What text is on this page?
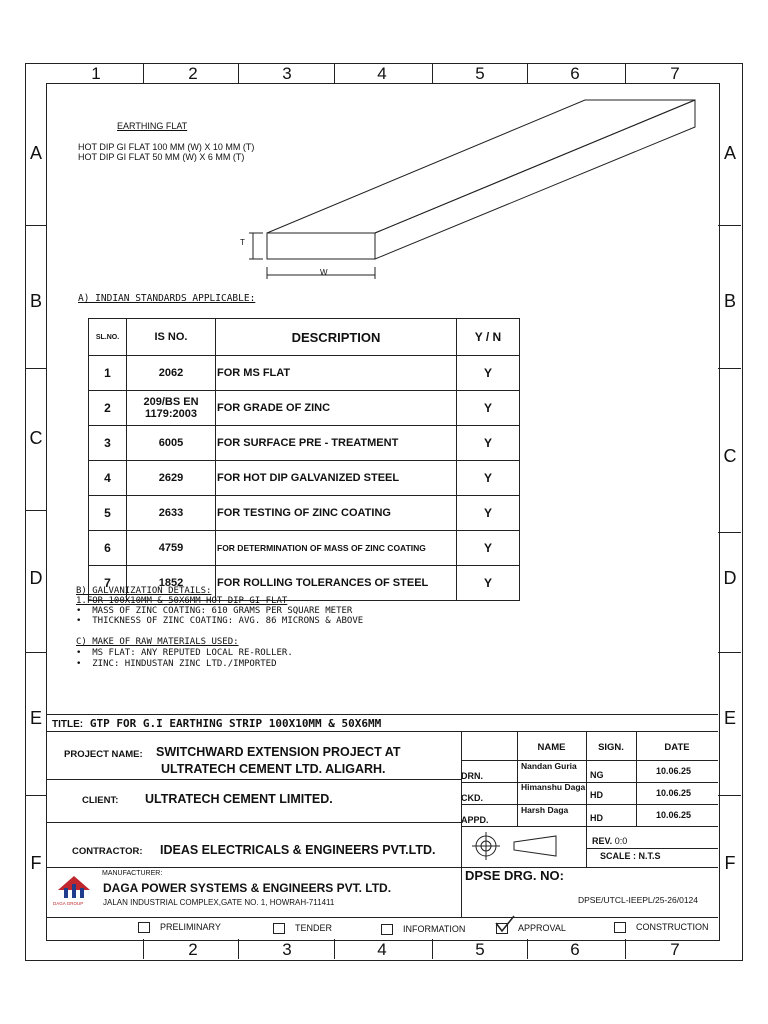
1	2	3	4	5	6	7
2	3	4	5	6	7
A
B
C
D
E
F
A
B
C
D
E
F
EARTHING FLAT
HOT DIP GI FLAT 100 MM (W) X 10 MM (T)
HOT DIP GI FLAT 50 MM (W) X 6 MM (T)
T
W
A) INDIAN STANDARDS APPLICABLE:
SL.NO.	IS NO.	DESCRIPTION	Y / N
1	2062	FOR MS FLAT	Y
2	209/BS EN 1179:2003	FOR GRADE OF ZINC	Y
3	6005	FOR SURFACE PRE - TREATMENT	Y
4	2629	FOR HOT DIP GALVANIZED STEEL	Y
5	2633	FOR TESTING OF ZINC COATING	Y
6	4759	FOR DETERMINATION OF MASS OF ZINC COATING	Y
7	1852	FOR ROLLING TOLERANCES OF STEEL	Y
B) GALVANIZATION DETAILS:
1.FOR 100X10MM & 50X6MM HOT DIP GI FLAT
•  MASS OF ZINC COATING: 610 GRAMS PER SQUARE METER
•  THICKNESS OF ZINC COATING: AVG. 86 MICRONS & ABOVE
C) MAKE OF RAW MATERIALS USED:
•  MS FLAT: ANY REPUTED LOCAL RE-ROLLER.
•  ZINC: HINDUSTAN ZINC LTD./IMPORTED
TITLE: GTP FOR G.I EARTHING STRIP 100X10MM & 50X6MM
PROJECT NAME: SWITCHWARD EXTENSION PROJECT AT
ULTRATECH CEMENT LTD. ALIGARH.
CLIENT: ULTRATECH CEMENT LIMITED.
CONTRACTOR: IDEAS ELECTRICALS & ENGINEERS PVT.LTD.
DAGA GROUP
MANUFACTURER:
DAGA POWER SYSTEMS & ENGINEERS PVT. LTD.
JALAN INDUSTRIAL COMPLEX,GATE NO. 1, HOWRAH-711411
NAME	SIGN.	DATE
DRN.
Nandan Guria
NG	10.06.25
CKD.
Himanshu Daga
HD	10.06.25
APPD.
Harsh Daga
HD	10.06.25
REV. 0:0
SCALE : N.T.S
DPSE DRG. NO:
DPSE/UTCL-IEEPL/25-26/0124
PRELIMINARY	TENDER	INFORMATION	APPROVAL	CONSTRUCTION
